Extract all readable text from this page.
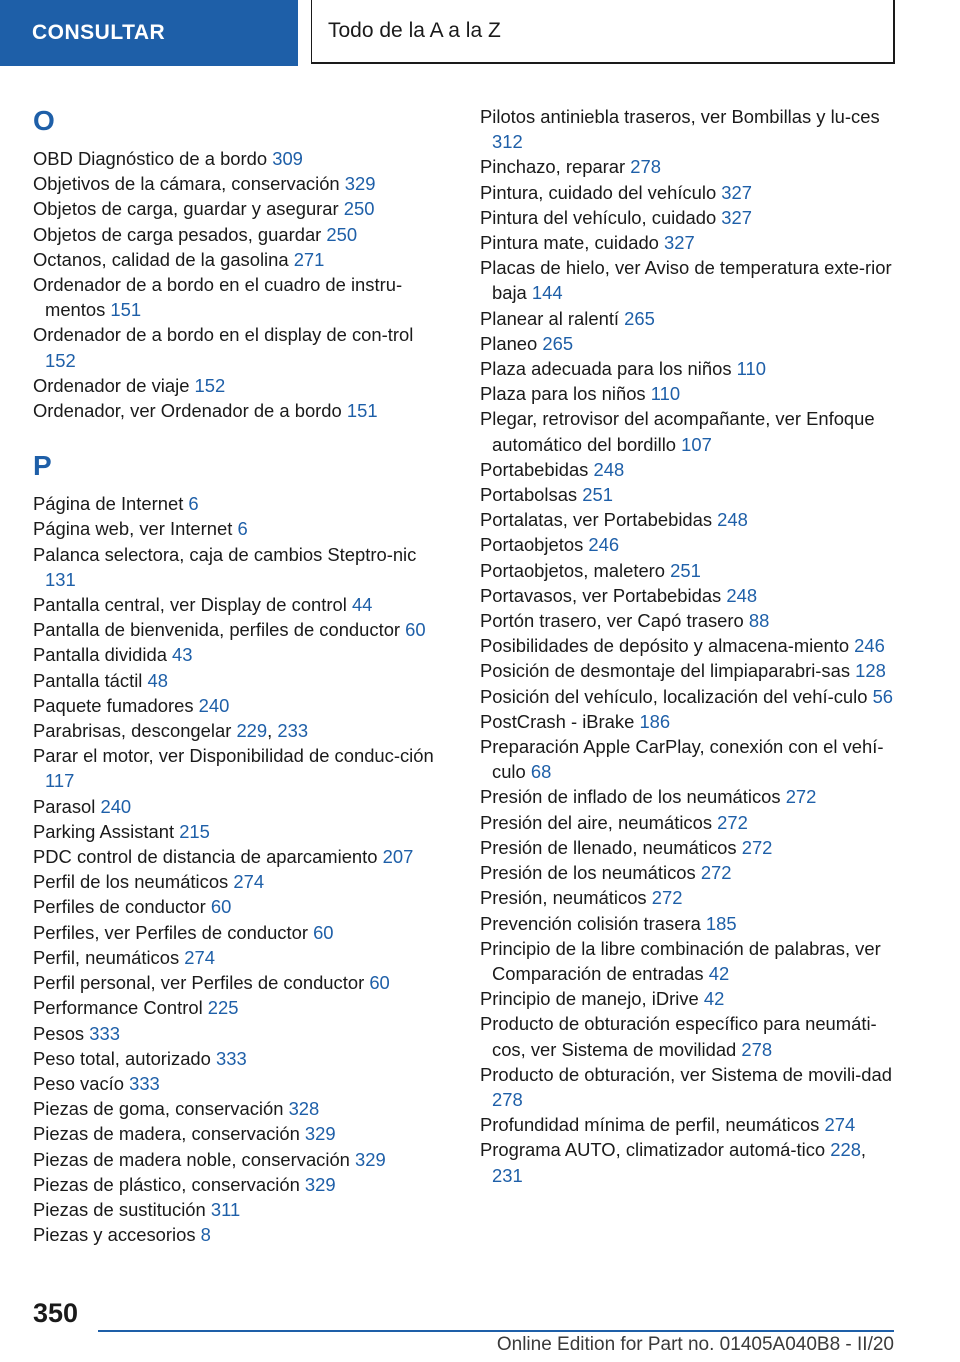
CONSULTAR	Todo de la A a la Z
O
OBD Diagnóstico de a bordo 309
Objetivos de la cámara, conservación 329
Objetos de carga, guardar y asegurar 250
Objetos de carga pesados, guardar 250
Octanos, calidad de la gasolina 271
Ordenador de a bordo en el cuadro de instru‐mentos 151
Ordenador de a bordo en el display de con‐trol 152
Ordenador de viaje 152
Ordenador, ver Ordenador de a bordo 151
P
Página de Internet 6
Página web, ver Internet 6
Palanca selectora, caja de cambios Steptro‐nic 131
Pantalla central, ver Display de control 44
Pantalla de bienvenida, perfiles de conductor 60
Pantalla dividida 43
Pantalla táctil 48
Paquete fumadores 240
Parabrisas, descongelar 229, 233
Parar el motor, ver Disponibilidad de conduc‐ción 117
Parasol 240
Parking Assistant 215
PDC control de distancia de aparcamiento 207
Perfil de los neumáticos 274
Perfiles de conductor 60
Perfiles, ver Perfiles de conductor 60
Perfil, neumáticos 274
Perfil personal, ver Perfiles de conductor 60
Performance Control 225
Pesos 333
Peso total, autorizado 333
Peso vacío 333
Piezas de goma, conservación 328
Piezas de madera, conservación 329
Piezas de madera noble, conservación 329
Piezas de plástico, conservación 329
Piezas de sustitución 311
Piezas y accesorios 8
Pilotos antiniebla traseros, ver Bombillas y lu‐ces 312
Pinchazo, reparar 278
Pintura, cuidado del vehículo 327
Pintura del vehículo, cuidado 327
Pintura mate, cuidado 327
Placas de hielo, ver Aviso de temperatura exte‐rior baja 144
Planear al ralentí 265
Planeo 265
Plaza adecuada para los niños 110
Plaza para los niños 110
Plegar, retrovisor del acompañante, ver Enfoque automático del bordillo 107
Portabebidas 248
Portabolsas 251
Portalatas, ver Portabebidas 248
Portaobjetos 246
Portaobjetos, maletero 251
Portavasos, ver Portabebidas 248
Portón trasero, ver Capó trasero 88
Posibilidades de depósito y almacena‐miento 246
Posición de desmontaje del limpiaparabri‐sas 128
Posición del vehículo, localización del vehí‐culo 56
PostCrash - iBrake 186
Preparación Apple CarPlay, conexión con el vehí‐culo 68
Presión de inflado de los neumáticos 272
Presión del aire, neumáticos 272
Presión de llenado, neumáticos 272
Presión de los neumáticos 272
Presión, neumáticos 272
Prevención colisión trasera 185
Principio de la libre combinación de palabras, ver Comparación de entradas 42
Principio de manejo, iDrive 42
Producto de obturación específico para neumáti‐cos, ver Sistema de movilidad 278
Producto de obturación, ver Sistema de movili‐dad 278
Profundidad mínima de perfil, neumáticos 274
Programa AUTO, climatizador automá‐tico 228, 231
350
Online Edition for Part no. 01405A040B8 - II/20
